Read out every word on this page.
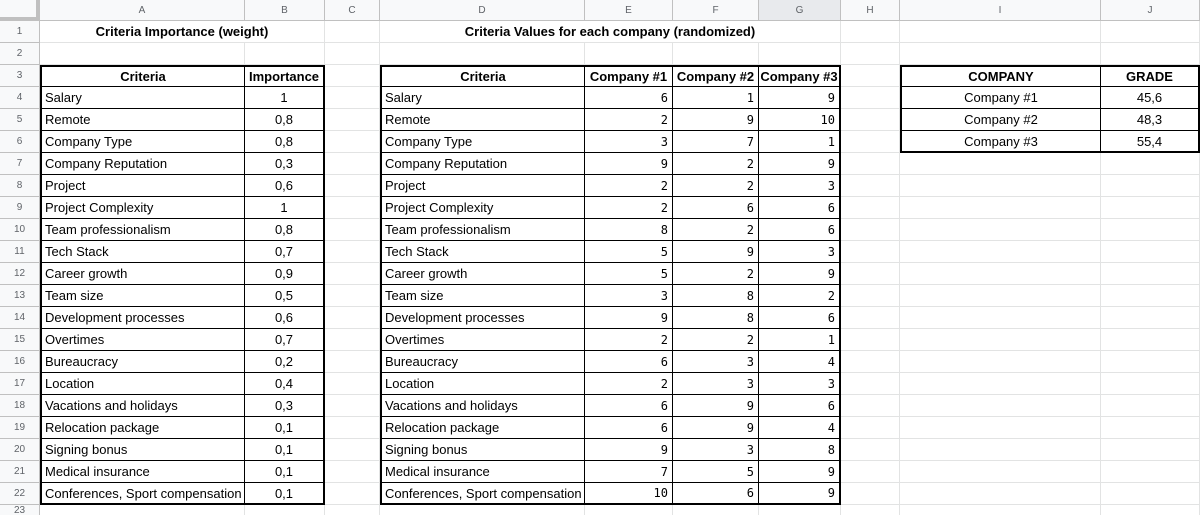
A	B	C	D	E	F	G	H	I	J
1
2
3
4
5
6
7
8
9
10
11
12
13
14
15
16
17
18
19
20
21
22
23
Criteria Importance (weight)	Criteria Values for each company (randomized)
Criteria	Importance	Criteria	Company #1 Company #2 Company #3	COMPANY	GRADE
Salary	1	Salary	6	1	9	Company #1	45,6
Remote	0,8	Remote	2	9	10	Company #2	48,3
Company Type	0,8	Company Type	3	7	1	Company #3	55,4
Company Reputation	0,3	Company Reputation	9	2	9
Project	0,6	Project	2	2	3
Project Complexity	1	Project Complexity	2	6	6
Team professionalism	0,8	Team professionalism	8	2	6
Tech Stack	0,7	Tech Stack	5	9	3
Career growth	0,9	Career growth	5	2	9
Team size	0,5	Team size	3	8	2
Development processes	0,6	Development processes	9	8	6
Overtimes	0,7	Overtimes	2	2	1
Bureaucracy	0,2	Bureaucracy	6	3	4
Location	0,4	Location	2	3	3
Vacations and holidays	0,3	Vacations and holidays	6	9	6
Relocation package	0,1	Relocation package	6	9	4
Signing bonus	0,1	Signing bonus	9	3	8
Medical insurance	0,1	Medical insurance	7	5	9
Conferences, Sport compensation	0,1	Conferences, Sport compensation	10	6	9
